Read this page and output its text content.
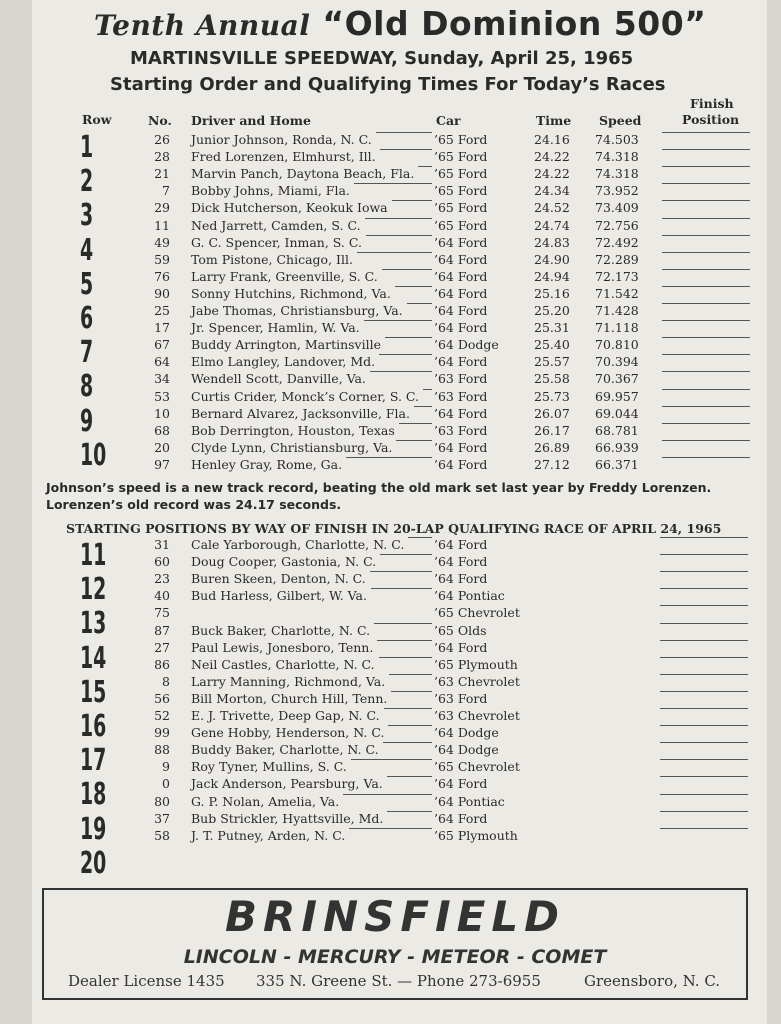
Tenth Annual “Old Dominion 500”
MARTINSVILLE SPEEDWAY, Sunday, April 25, 1965
Starting Order and Qualifying Times For Today’s Races
Finish
Row	No. Driver and Home	Car	Time Speed	Position
1	26 Junior Johnson, Ronda, N. C.	’65 Ford	24.16 74.503
28 Fred Lorenzen, Elmhurst, Ill.	’65 Ford	24.22 74.318
2	21 Marvin Panch, Daytona Beach, Fla. ’65 Ford	24.22 74.318
7 Bobby Johns, Miami, Fla.	’65 Ford	24.34 73.952
3	29 Dick Hutcherson, Keokuk Iowa	’65 Ford	24.52 73.409
11 Ned Jarrett, Camden, S. C.	’65 Ford	24.74 72.756
4	49 G. C. Spencer, Inman, S. C.	’64 Ford	24.83 72.492
59 Tom Pistone, Chicago, Ill.	’64 Ford	24.90 72.289
5	76 Larry Frank, Greenville, S. C.	’64 Ford	24.94 72.173
90 Sonny Hutchins, Richmond, Va.	’64 Ford	25.16 71.542
6	25 Jabe Thomas, Christiansburg, Va.	’64 Ford	25.20 71.428
17 Jr. Spencer, Hamlin, W. Va.	’64 Ford	25.31 71.118
7	67 Buddy Arrington, Martinsville	’64 Dodge	25.40 70.810
64 Elmo Langley, Landover, Md.	’64 Ford	25.57 70.394
8	34 Wendell Scott, Danville, Va.	’63 Ford	25.58 70.367
53 Curtis Crider, Monck’s Corner, S. C. ’63 Ford	25.73 69.957
9	10 Bernard Alvarez, Jacksonville, Fla. ’64 Ford	26.07 69.044
68 Bob Derrington, Houston, Texas	’63 Ford	26.17 68.781
10	20 Clyde Lynn, Christiansburg, Va.	’64 Ford	26.89 66.939
97 Henley Gray, Rome, Ga.	’64 Ford	27.12 66.371
Johnson’s speed is a new track record, beating the old mark set last year by Freddy Lorenzen. Lorenzen’s old record was 24.17 seconds.
STARTING POSITIONS BY WAY OF FINISH IN 20-LAP QUALIFYING RACE OF APRIL 24, 1965
11	31 Cale Yarborough, Charlotte, N. C. ’64 Ford
60 Doug Cooper, Gastonia, N. C.	’64 Ford
12	23 Buren Skeen, Denton, N. C.	’64 Ford
40 Bud Harless, Gilbert, W. Va.	’64 Pontiac
13	75	’65 Chevrolet
87 Buck Baker, Charlotte, N. C.	’65 Olds
14	27 Paul Lewis, Jonesboro, Tenn.	’64 Ford
86 Neil Castles, Charlotte, N. C.	’65 Plymouth
15	8 Larry Manning, Richmond, Va.	’63 Chevrolet
56 Bill Morton, Church Hill, Tenn.	’63 Ford
16	52 E. J. Trivette, Deep Gap, N. C.	’63 Chevrolet
99 Gene Hobby, Henderson, N. C.	’64 Dodge
17	88 Buddy Baker, Charlotte, N. C.	’64 Dodge
9 Roy Tyner, Mullins, S. C.	’65 Chevrolet
18	0 Jack Anderson, Pearsburg, Va.	’64 Ford
80 G. P. Nolan, Amelia, Va.	’64 Pontiac
19	37 Bub Strickler, Hyattsville, Md.	’64 Ford
58 J. T. Putney, Arden, N. C.	’65 Plymouth
20
BRINSFIELD
LINCOLN - MERCURY - METEOR - COMET
Dealer License 1435 335 N. Greene St. — Phone 273-6955	Greensboro, N. C.
